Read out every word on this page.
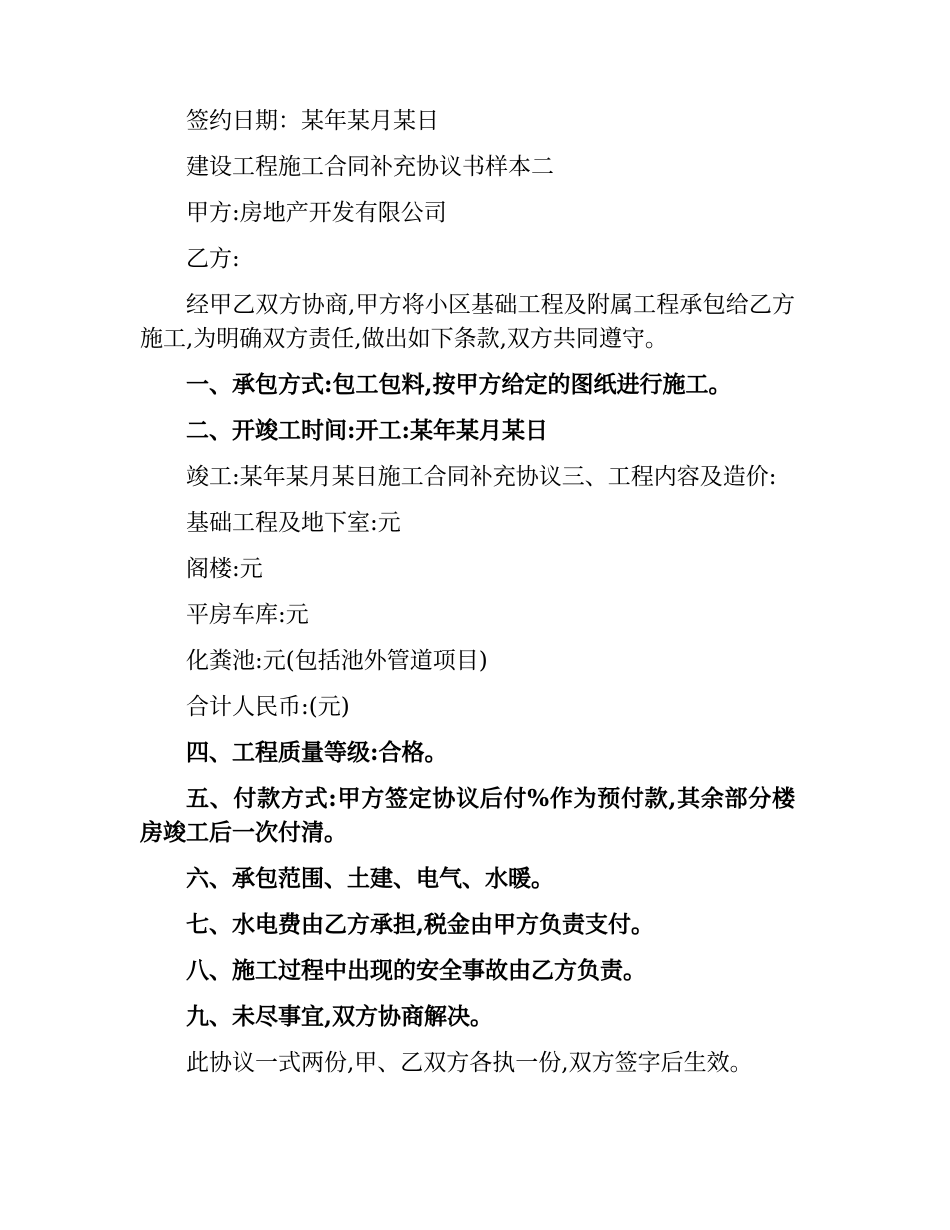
签约日期：某年某月某日

建设工程施工合同补充协议书样本二

甲方:房地产开发有限公司

乙方:

经甲乙双方协商,甲方将小区基础工程及附属工程承包给乙方施工,为明确双方责任,做出如下条款,双方共同遵守。

一、承包方式:包工包料,按甲方给定的图纸进行施工。

二、开竣工时间:开工:某年某月某日

竣工:某年某月某日施工合同补充协议三、工程内容及造价:

基础工程及地下室:元

阁楼:元

平房车库:元

化粪池:元(包括池外管道项目)

合计人民币:(元)

四、工程质量等级:合格。

五、付款方式:甲方签定协议后付%作为预付款,其余部分楼房竣工后一次付清。

六、承包范围、土建、电气、水暖。

七、水电费由乙方承担,税金由甲方负责支付。

八、施工过程中出现的安全事故由乙方负责。

九、未尽事宜,双方协商解决。

此协议一式两份,甲、乙双方各执一份,双方签字后生效。
